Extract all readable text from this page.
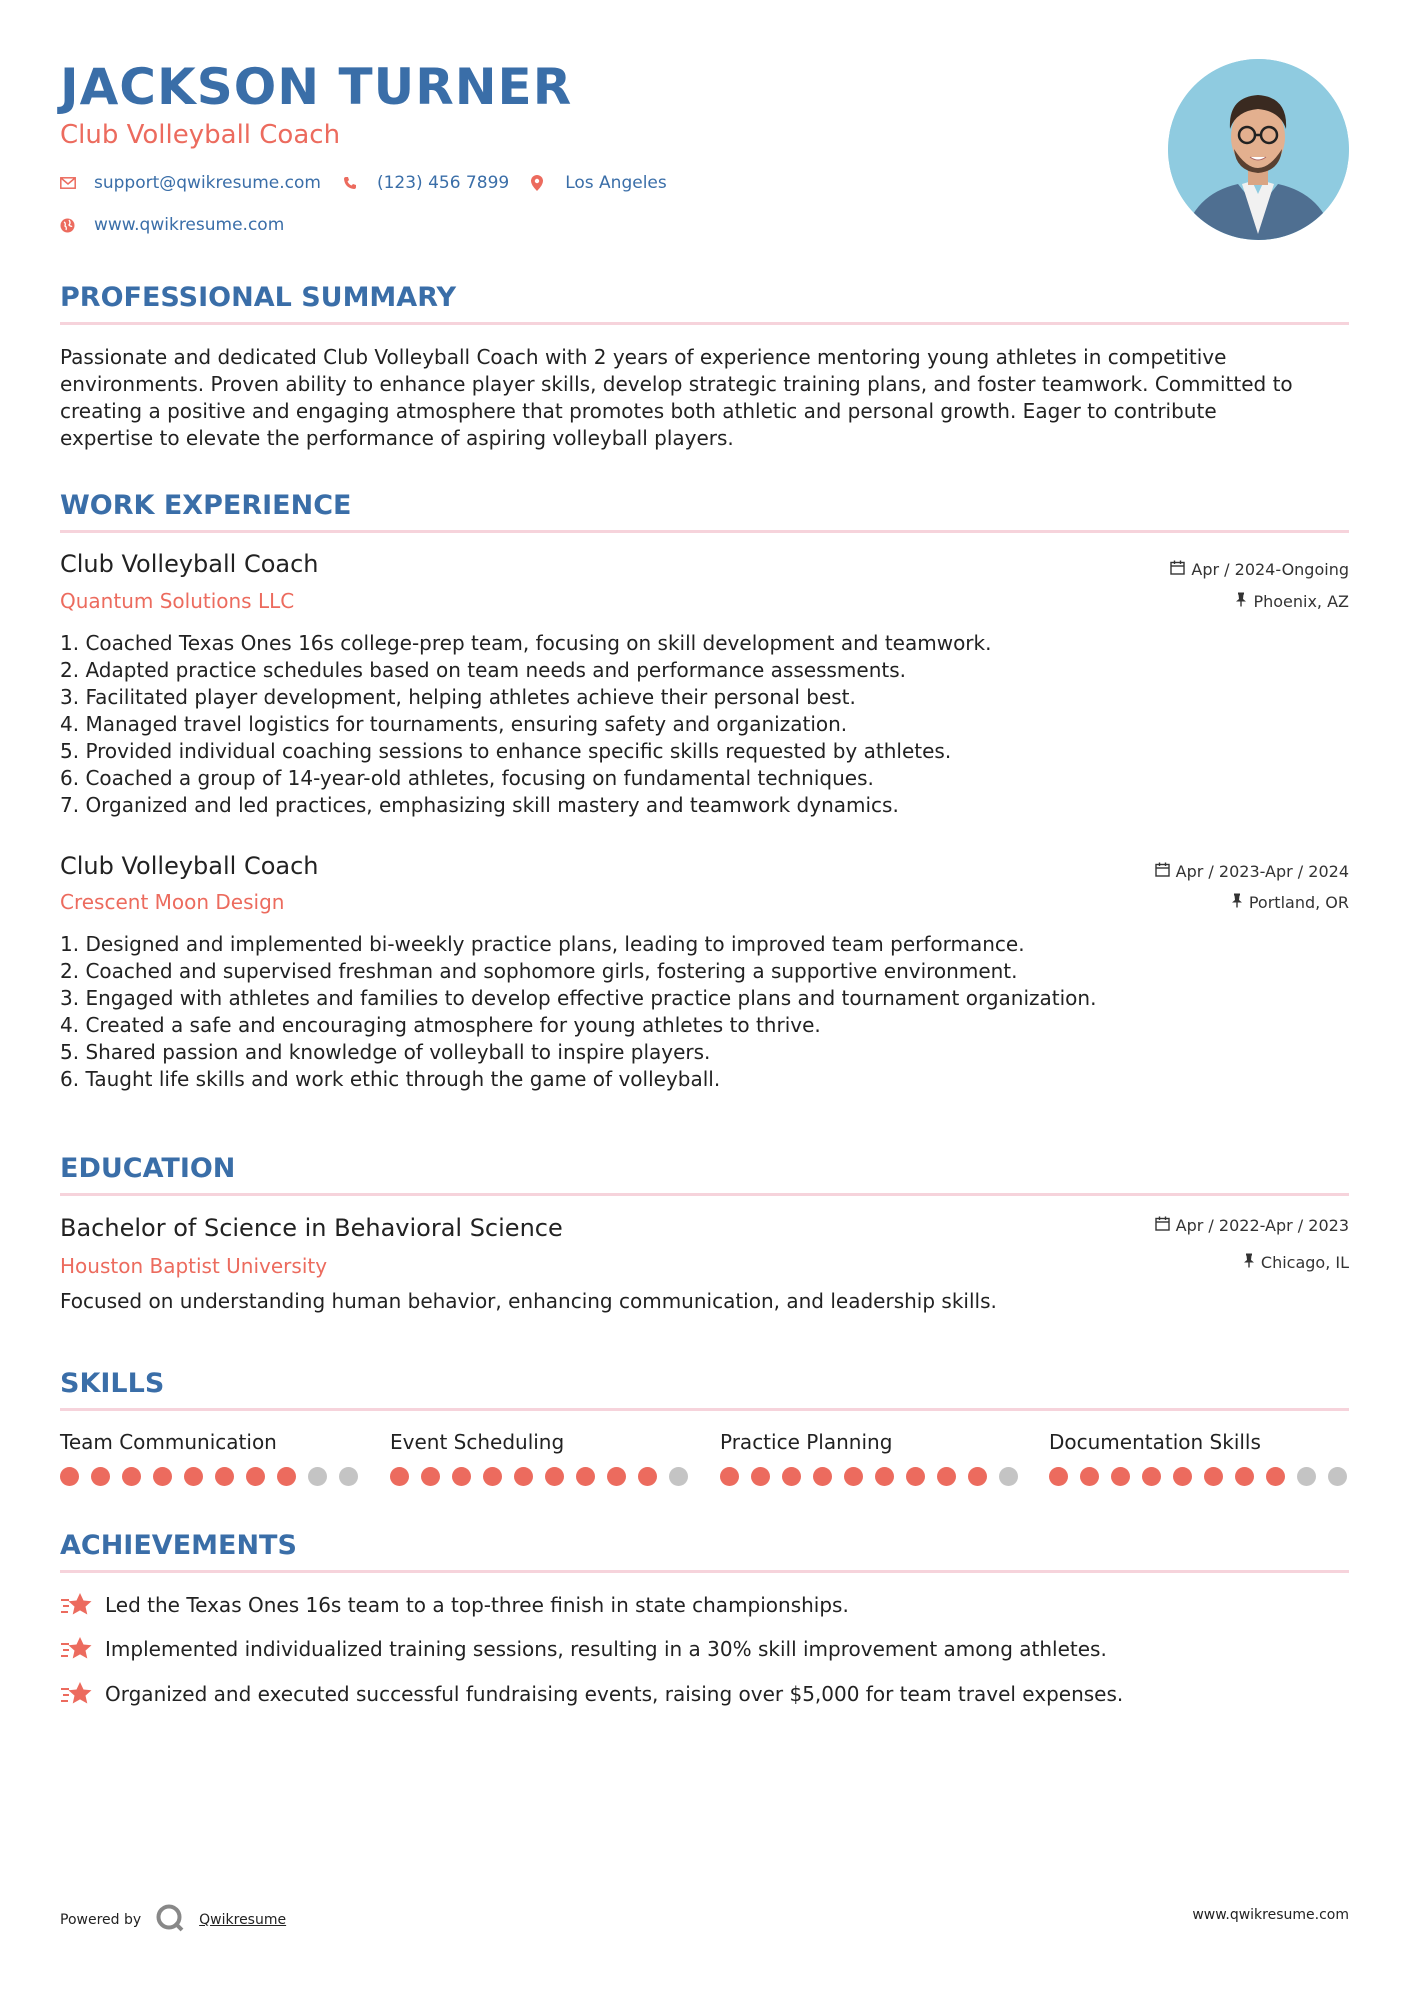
JACKSON TURNER
Club Volleyball Coach
support@qwikresume.com	(123) 456 7899	Los Angeles
www.qwikresume.com
PROFESSIONAL SUMMARY
Passionate and dedicated Club Volleyball Coach with 2 years of experience mentoring young athletes in competitive
environments. Proven ability to enhance player skills, develop strategic training plans, and foster teamwork. Committed to
creating a positive and engaging atmosphere that promotes both athletic and personal growth. Eager to contribute
expertise to elevate the performance of aspiring volleyball players.
WORK EXPERIENCE
Club Volleyball Coach
Quantum Solutions LLC
Apr / 2024-Ongoing
Phoenix, AZ
1. Coached Texas Ones 16s college-prep team, focusing on skill development and teamwork.
2. Adapted practice schedules based on team needs and performance assessments.
3. Facilitated player development, helping athletes achieve their personal best.
4. Managed travel logistics for tournaments, ensuring safety and organization.
5. Provided individual coaching sessions to enhance specific skills requested by athletes.
6. Coached a group of 14-year-old athletes, focusing on fundamental techniques.
7. Organized and led practices, emphasizing skill mastery and teamwork dynamics.
Club Volleyball Coach
Crescent Moon Design
Apr / 2023-Apr / 2024
Portland, OR
1. Designed and implemented bi-weekly practice plans, leading to improved team performance.
2. Coached and supervised freshman and sophomore girls, fostering a supportive environment.
3. Engaged with athletes and families to develop effective practice plans and tournament organization.
4. Created a safe and encouraging atmosphere for young athletes to thrive.
5. Shared passion and knowledge of volleyball to inspire players.
6. Taught life skills and work ethic through the game of volleyball.
EDUCATION
Bachelor of Science in Behavioral Science
Houston Baptist University
Apr / 2022-Apr / 2023
Chicago, IL
Focused on understanding human behavior, enhancing communication, and leadership skills.
SKILLS
Team Communication	Event Scheduling	Practice Planning	Documentation Skills
ACHIEVEMENTS
Led the Texas Ones 16s team to a top-three finish in state championships.
Implemented individualized training sessions, resulting in a 30% skill improvement among athletes.
Organized and executed successful fundraising events, raising over $5,000 for team travel expenses.
Powered by	Qwikresume	www.qwikresume.com
